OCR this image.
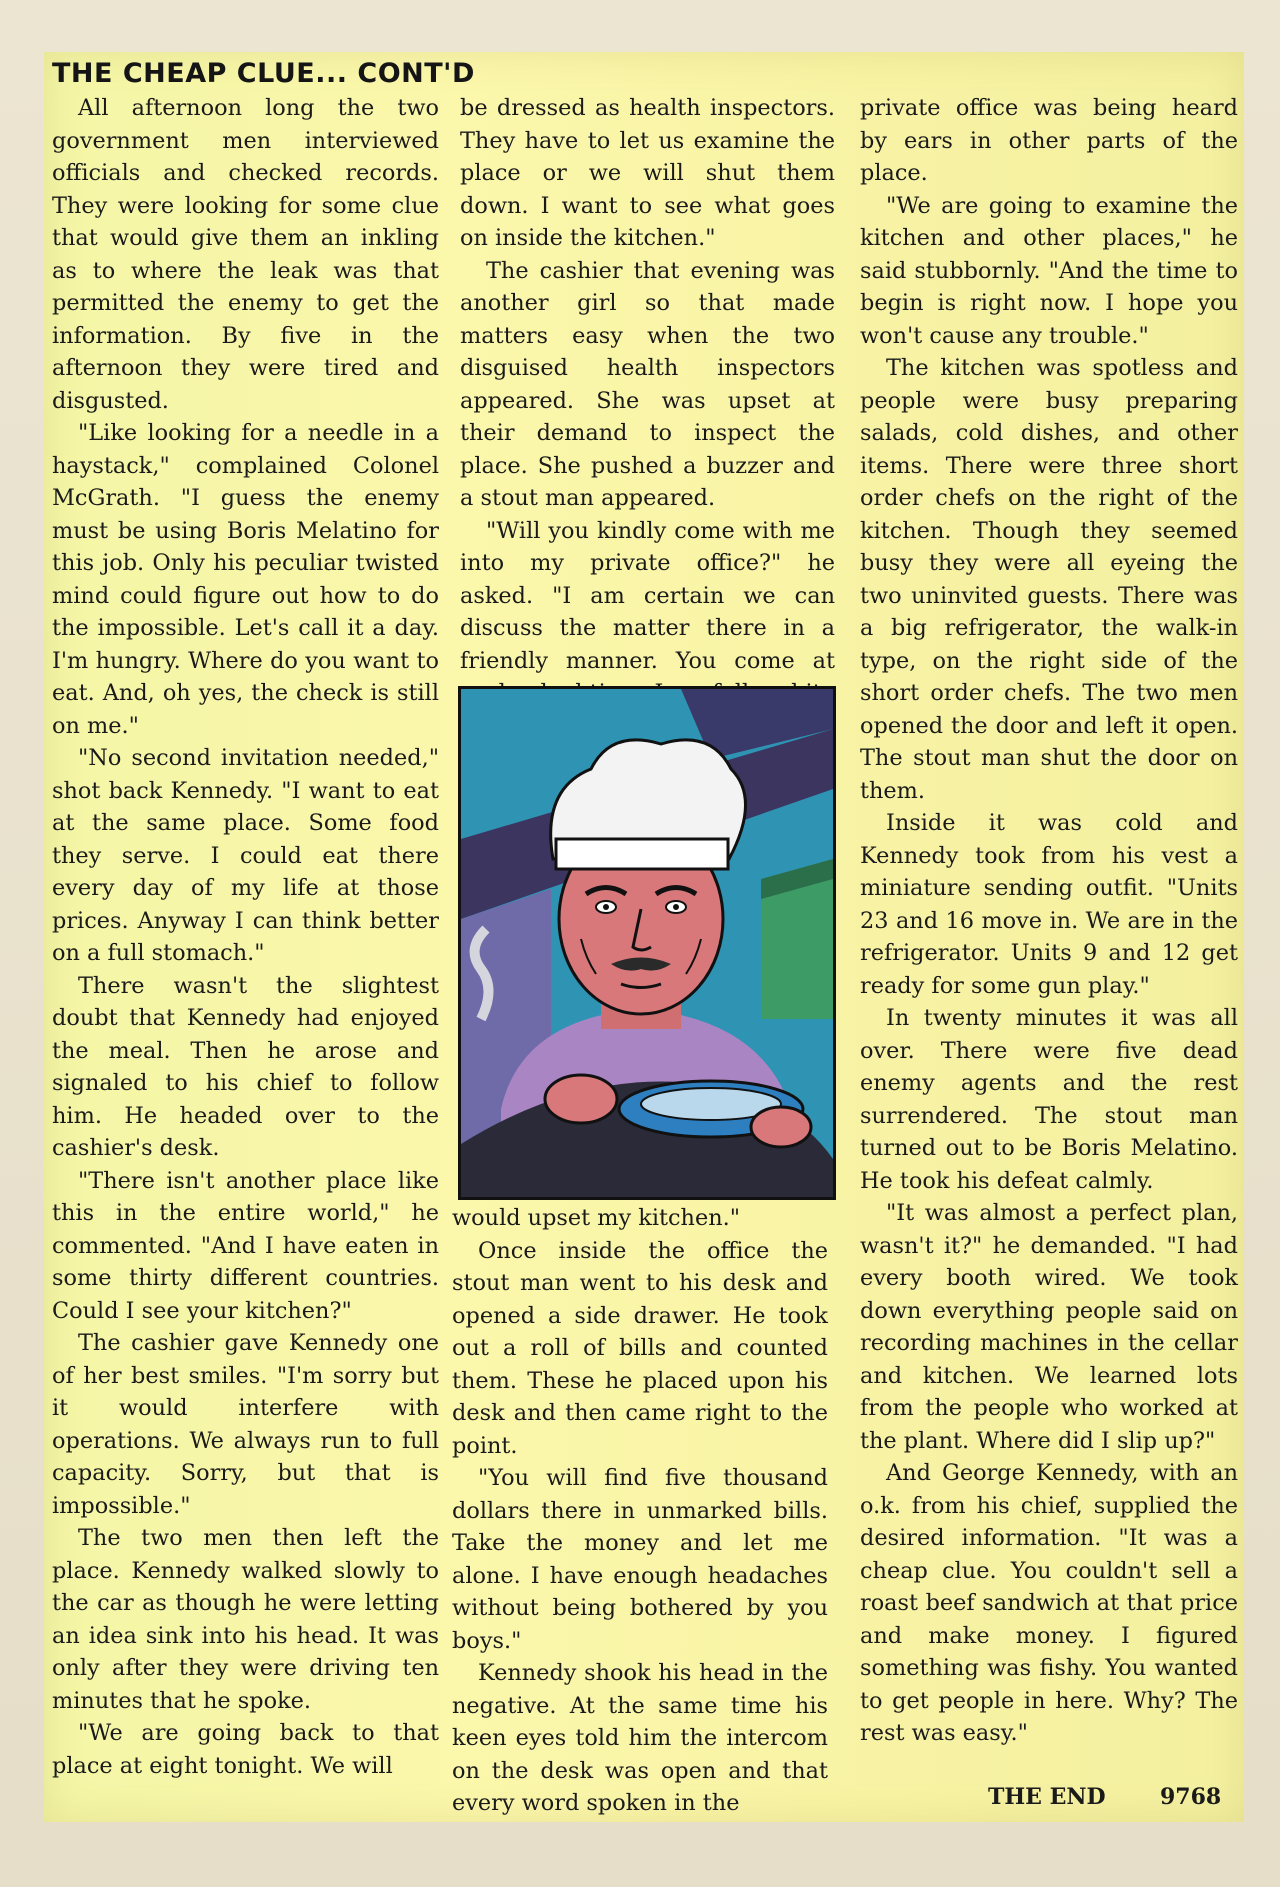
THE CHEAP CLUE... CONT'D

All afternoon long the two government men interviewed officials and checked records. They were looking for some clue that would give them an inkling as to where the leak was that permitted the enemy to get the information. By five in the afternoon they were tired and disgusted.

"Like looking for a needle in a haystack," complained Colonel McGrath. "I guess the enemy must be using Boris Melatino for this job. Only his peculiar twisted mind could figure out how to do the impossible. Let's call it a day. I'm hungry. Where do you want to eat. And, oh yes, the check is still on me."

"No second invitation needed," shot back Kennedy. "I want to eat at the same place. Some food they serve. I could eat there every day of my life at those prices. Anyway I can think better on a full stomach."

There wasn't the slightest doubt that Kennedy had enjoyed the meal. Then he arose and signaled to his chief to follow him. He headed over to the cashier's desk.

"There isn't another place like this in the entire world," he commented. "And I have eaten in some thirty different countries. Could I see your kitchen?"

The cashier gave Kennedy one of her best smiles. "I'm sorry but it would interfere with operations. We always run to full capacity. Sorry, but that is impossible."

The two men then left the place. Kennedy walked slowly to the car as though he were letting an idea sink into his head. It was only after they were driving ten minutes that he spoke.

"We are going back to that place at eight tonight. We will

be dressed as health inspectors. They have to let us examine the place or we will shut them down. I want to see what goes on inside the kitchen."

The cashier that evening was another girl so that made matters easy when the two disguised health inspectors appeared. She was upset at their demand to inspect the place. She pushed a buzzer and a stout man appeared.

"Will you kindly come with me into my private office?" he asked. "I am certain we can discuss the matter there in a friendly manner. You come at

would upset my kitchen."

Once inside the office the stout man went to his desk and opened a side drawer. He took out a roll of bills and counted them. These he placed upon his desk and then came right to the point.

"You will find five thousand dollars there in unmarked bills. Take the money and let me alone. I have enough headaches without being bothered by you boys."

Kennedy shook his head in the negative. At the same time his keen eyes told him the intercom on the desk was open and that every word spoken in the

private office was being heard by ears in other parts of the place.

"We are going to examine the kitchen and other places," he said stubbornly. "And the time to begin is right now. I hope you won't cause any trouble."

The kitchen was spotless and people were busy preparing salads, cold dishes, and other items. There were three short order chefs on the right of the kitchen. Though they seemed busy they were all eyeing the two uninvited guests. There was a big refrigerator, the walk-in type, on the right side of the short order chefs. The two men opened the door and left it open. The stout man shut the door on them.

Inside it was cold and Kennedy took from his vest a miniature sending outfit. "Units 23 and 16 move in. We are in the refrigerator. Units 9 and 12 get ready for some gun play."

In twenty minutes it was all over. There were five dead enemy agents and the rest surrendered. The stout man turned out to be Boris Melatino. He took his defeat calmly.

"It was almost a perfect plan, wasn't it?" he demanded. "I had every booth wired. We took down everything people said on recording machines in the cellar and kitchen. We learned lots from the people who worked at the plant. Where did I slip up?"

And George Kennedy, with an o.k. from his chief, supplied the desired information. "It was a cheap clue. You couldn't sell a roast beef sandwich at that price and make money. I figured something was fishy. You wanted to get people in here. Why? The rest was easy."

THE END 9768
